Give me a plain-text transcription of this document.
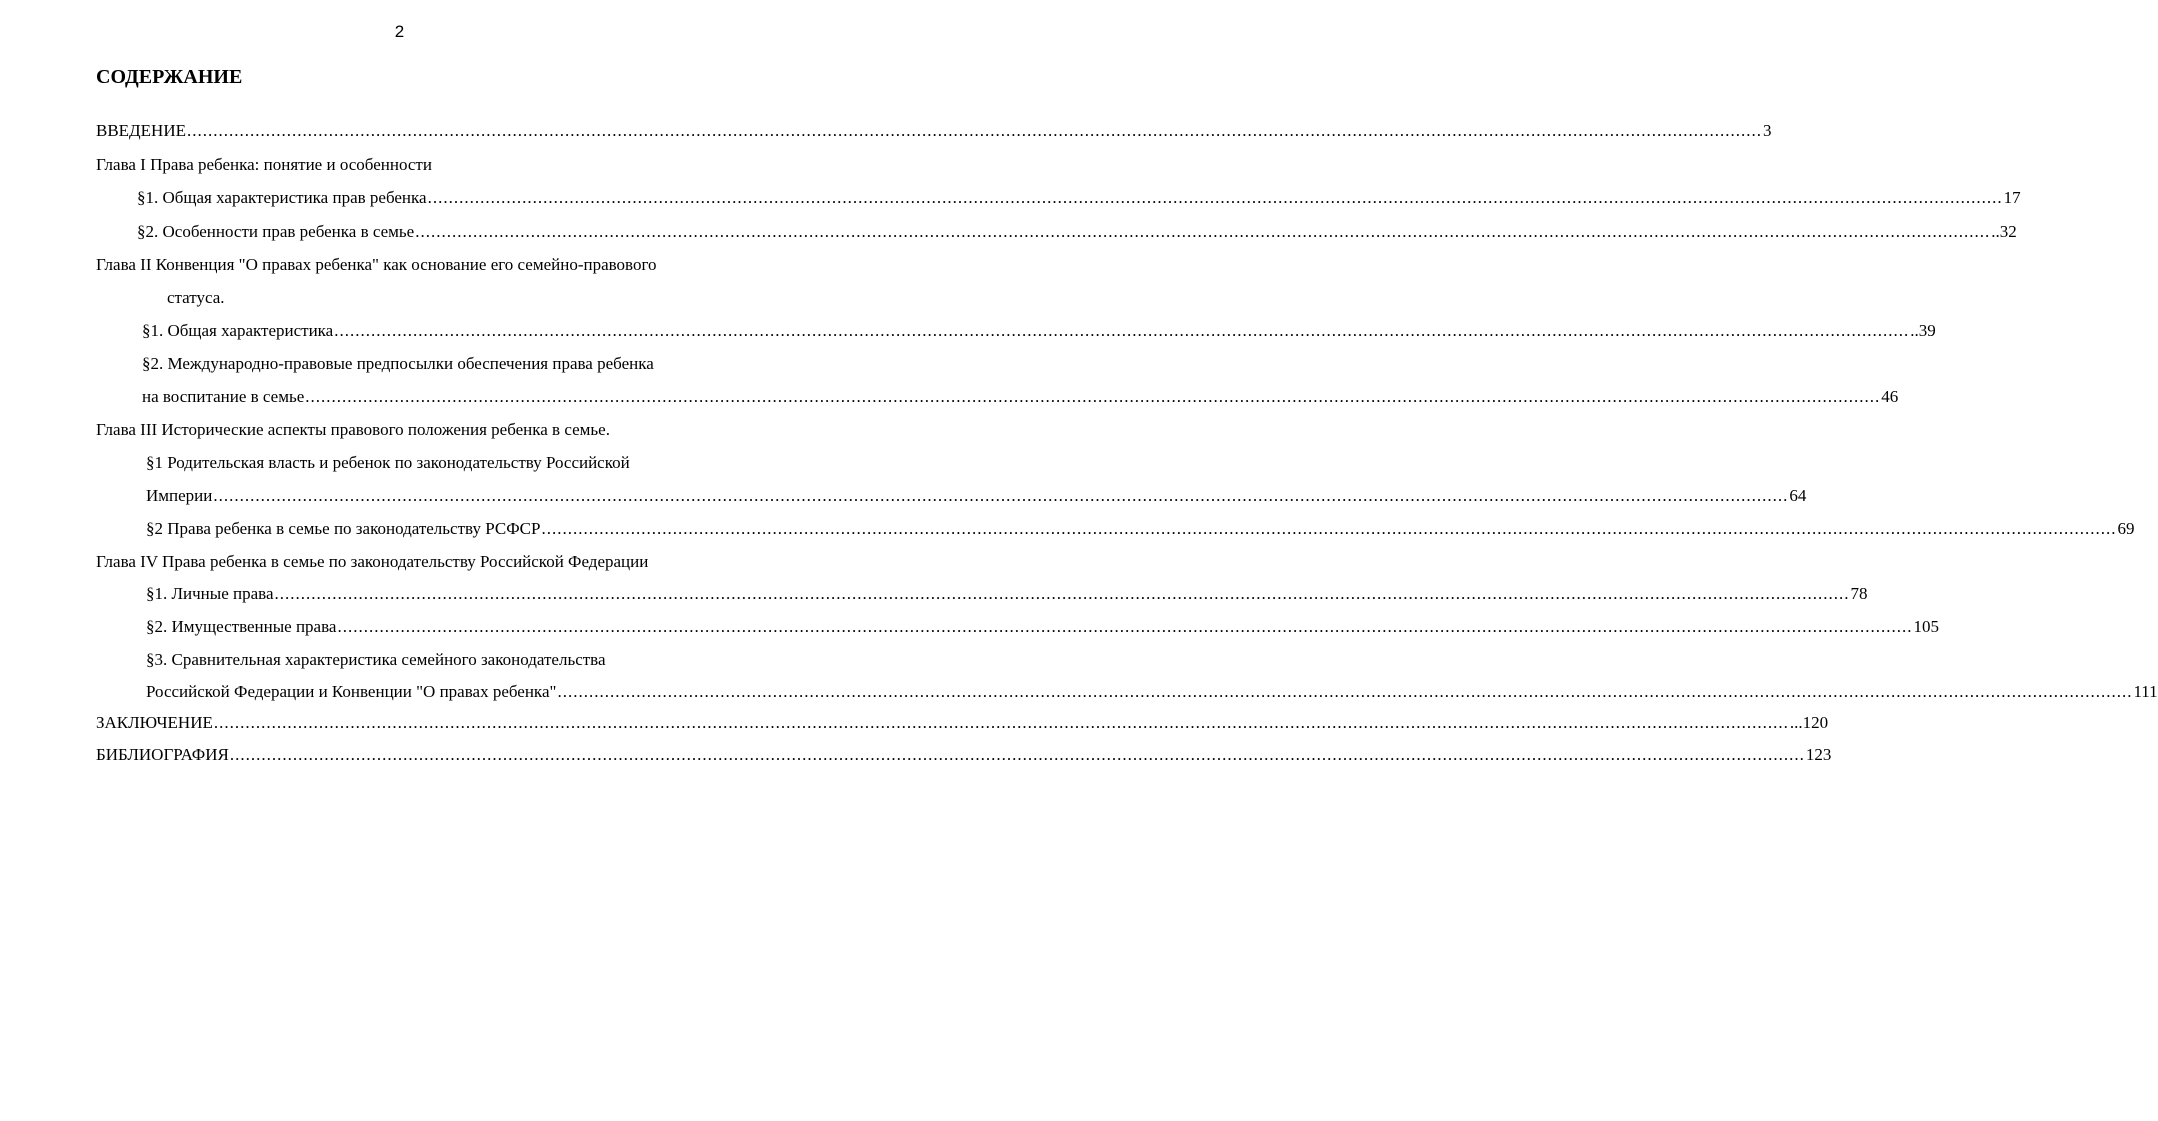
2
СОДЕРЖАНИЕ
ВВЕДЕНИЕ ............................................................................................................................................................................................................................................................................................................ 3
Глава I Права ребенка: понятие и особенности
§1. Общая характеристика прав ребенка ............................................................................................................................................................................................................................................................................................................ 17
§2. Особенности прав ребенка в семье ............................................................................................................................................................................................................................................................................................................ ..32
Глава II Конвенция "О правах ребенка" как основание его семейно-правового
статуса.
§1. Общая характеристика ............................................................................................................................................................................................................................................................................................................ ..39
§2. Международно-правовые предпосылки обеспечения права ребенка
на воспитание в семье ............................................................................................................................................................................................................................................................................................................ 46
Глава III Исторические аспекты правового положения ребенка в семье.
§1 Родительская власть и ребенок по законодательству Российской
Империи ............................................................................................................................................................................................................................................................................................................ 64
§2 Права ребенка в семье по законодательству РСФСР ............................................................................................................................................................................................................................................................................................................ 69
Глава IV Права ребенка в семье по законодательству Российской Федерации
§1. Личные права ............................................................................................................................................................................................................................................................................................................ 78
§2. Имущественные права ............................................................................................................................................................................................................................................................................................................ 105
§3. Сравнительная характеристика семейного законодательства
Российской Федерации и Конвенции "О правах ребенка" ............................................................................................................................................................................................................................................................................................................ 111
ЗАКЛЮЧЕНИЕ ............................................................................................................................................................................................................................................................................................................ ...120
БИБЛИОГРАФИЯ ............................................................................................................................................................................................................................................................................................................ 123
